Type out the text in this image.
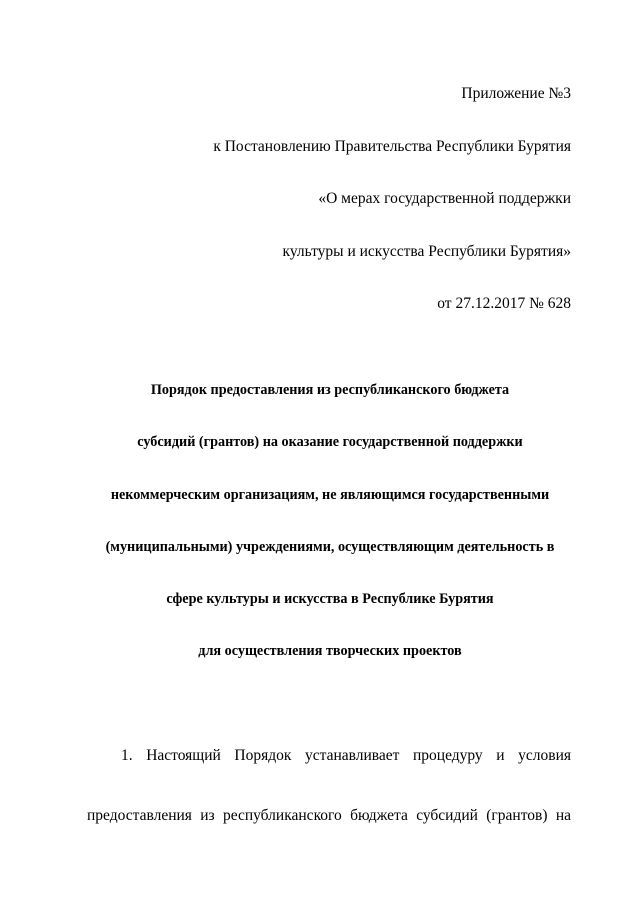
Приложение №3
к Постановлению Правительства Республики Бурятия
«О мерах государственной поддержки
культуры и искусства Республики Бурятия»
от 27.12.2017 № 628
Порядок предоставления из республиканского бюджета
субсидий (грантов) на оказание государственной поддержки
некоммерческим организациям, не являющимся государственными
(муниципальными) учреждениями, осуществляющим деятельность в
сфере культуры и искусства в Республике Бурятия
для осуществления творческих проектов
1. Настоящий Порядок устанавливает процедуру и условия
предоставления из республиканского бюджета субсидий (грантов) на
